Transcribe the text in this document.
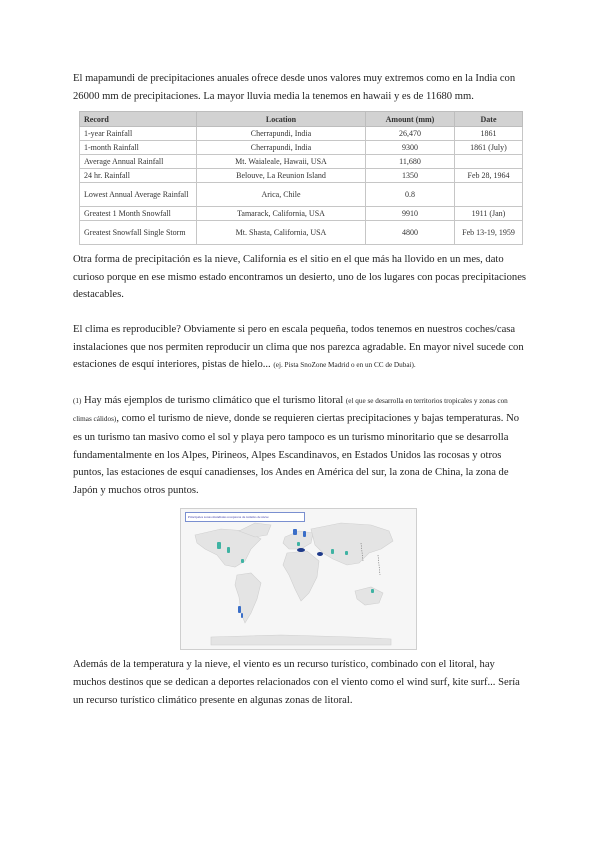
El mapamundi de precipitaciones anuales ofrece desde unos valores muy extremos como en la India con 26000 mm de precipitaciones. La mayor lluvia media la tenemos en hawaii y es de 11680 mm.

Record	Location	Amount (mm)	Date
1-year Rainfall	Cherrapundi, India	26,470	1861
1-month Rainfall	Cherrapundi, India	9300	1861 (July)
Average Annual Rainfall	Mt. Waialeale, Hawaii, USA	11,680	
24 hr. Rainfall	Belouve, La Reunion Island	1350	Feb 28, 1964
Lowest Annual Average Rainfall	Arica, Chile	0.8	
Greatest 1 Month Snowfall	Tamarack, California, USA	9910	1911 (Jan)
Greatest Snowfall Single Storm	Mt. Shasta, California, USA	4800	Feb 13-19, 1959

Otra forma de precipitación es la nieve, California es el sitio en el que más ha llovido en un mes, dato curioso porque en ese mismo estado encontramos un desierto, uno de los lugares con pocas precipitaciones destacables.

El clima es reproducible? Obviamente si pero en escala pequeña, todos tenemos en nuestros coches/casa instalaciones que nos permiten reproducir un clima que nos parezca agradable. En mayor nivel sucede con estaciones de esquí interiores, pistas de hielo... (ej. Pista SnoZone Madrid o en un CC de Dubai).

(1) Hay más ejemplos de turismo climático que el turismo litoral (el que se desarrolla en territorios tropicales y zonas con climas cálidos), como el turismo de nieve, donde se requieren ciertas precipitaciones y bajas temperaturas. No es un turismo tan masivo como el sol y playa pero tampoco es un turismo minoritario que se desarrolla fundamentalmente en los Alpes, Pirineos, Alpes Escandinavos, en Estados Unidos las rocosas y otros puntos, las estaciones de esquí canadienses, los Andes en América del sur, la zona de China, la zona de Japón y muchos otros puntos.

Principales zonas mundiales receptoras de turismo de nieve

Además de la temperatura y la nieve, el viento es un recurso turístico, combinado con el litoral, hay muchos destinos que se dedican a deportes relacionados con el viento como el wind surf, kite surf... Sería un recurso turístico climático presente en algunas zonas de litoral.
